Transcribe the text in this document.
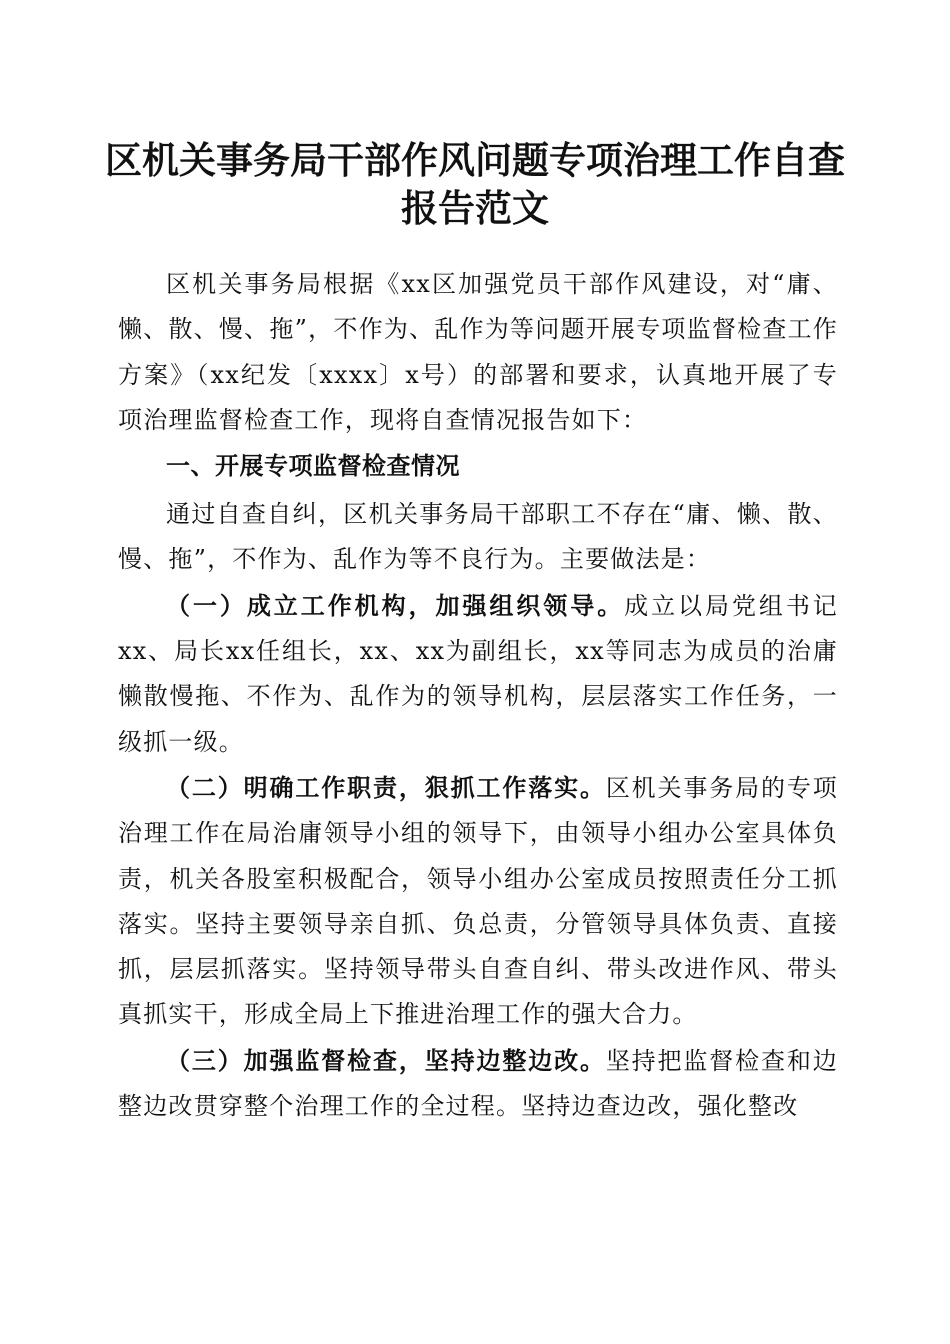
区机关事务局干部作风问题专项治理工作自查
报告范文

区机关事务局根据《xx区加强党员干部作风建设，对“庸、懒、散、慢、拖”，不作为、乱作为等问题开展专项监督检查工作方案》（xx纪发〔xxxx〕x号）的部署和要求，认真地开展了专项治理监督检查工作，现将自查情况报告如下：

一、开展专项监督检查情况

通过自查自纠，区机关事务局干部职工不存在“庸、懒、散、慢、拖”，不作为、乱作为等不良行为。主要做法是：

（一）成立工作机构，加强组织领导。成立以局党组书记xx、局长xx任组长，xx、xx为副组长，xx等同志为成员的治庸懒散慢拖、不作为、乱作为的领导机构，层层落实工作任务，一级抓一级。

（二）明确工作职责，狠抓工作落实。区机关事务局的专项治理工作在局治庸领导小组的领导下，由领导小组办公室具体负责，机关各股室积极配合，领导小组办公室成员按照责任分工抓落实。坚持主要领导亲自抓、负总责，分管领导具体负责、直接抓，层层抓落实。坚持领导带头自查自纠、带头改进作风、带头真抓实干，形成全局上下推进治理工作的强大合力。

（三）加强监督检查，坚持边整边改。坚持把监督检查和边整边改贯穿整个治理工作的全过程。坚持边查边改，强化整改
